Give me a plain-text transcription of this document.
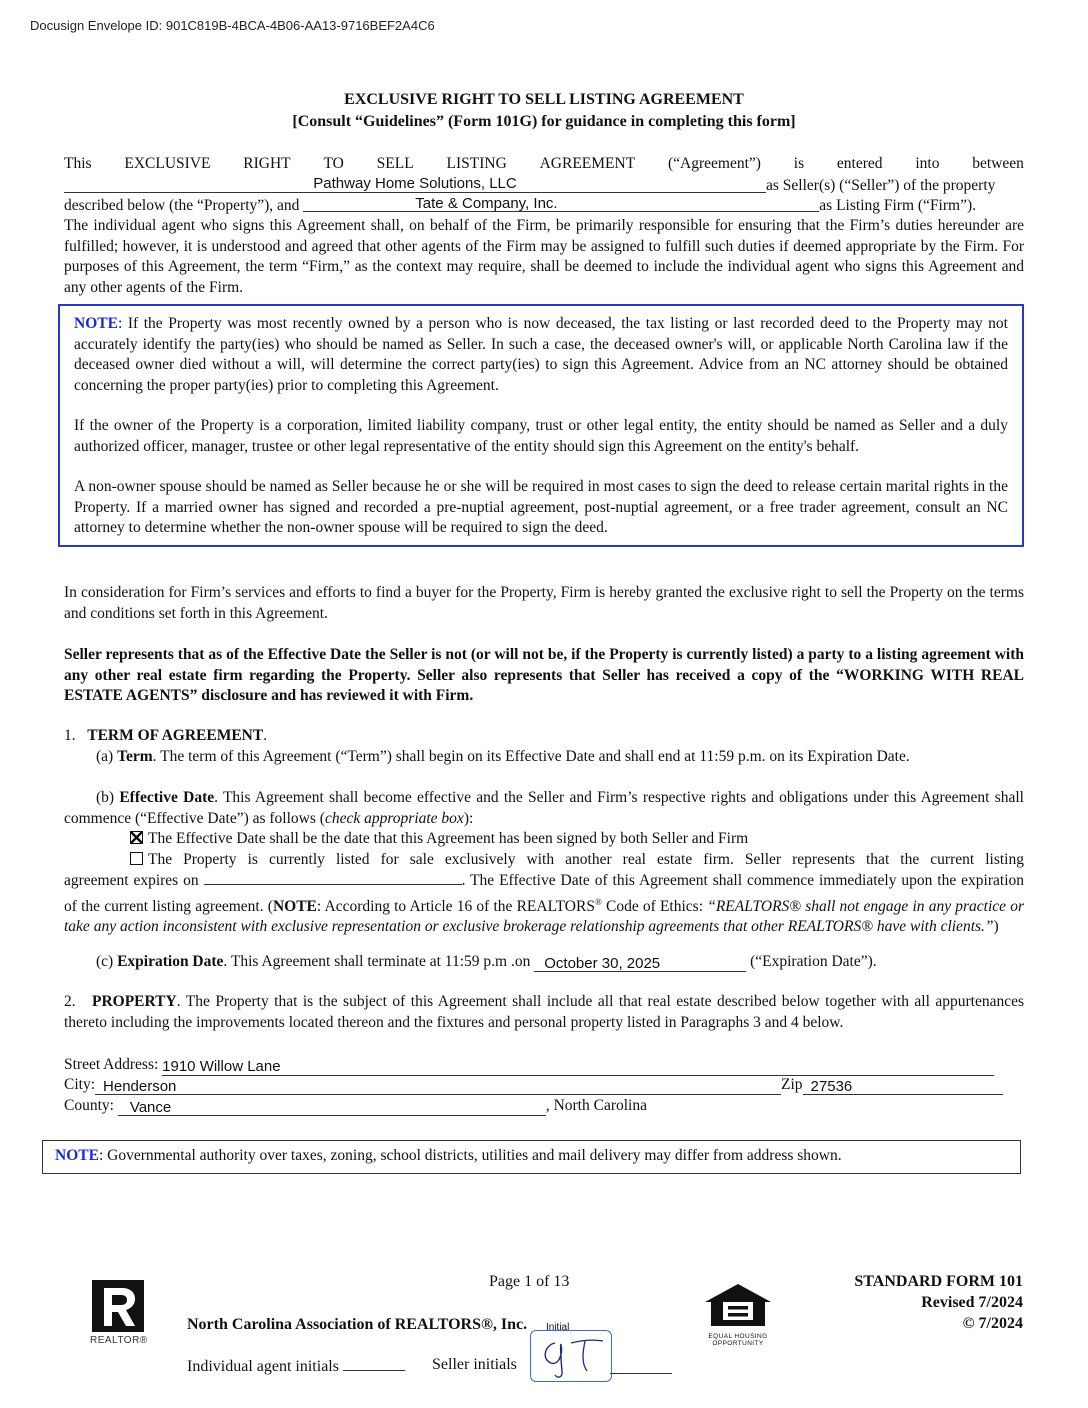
Docusign Envelope ID: 901C819B-4BCA-4B06-AA13-9716BEF2A4C6
EXCLUSIVE RIGHT TO SELL LISTING AGREEMENT
[Consult “Guidelines” (Form 101G) for guidance in completing this form]
This EXCLUSIVE RIGHT TO SELL LISTING AGREEMENT (“Agreement”) is entered into between
Pathway Home Solutions, LLC	as Seller(s) (“Seller”) of the property
described below (the “Property”), and	Tate & Company, Inc.	as Listing Firm (“Firm”).
The individual agent who signs this Agreement shall, on behalf of the Firm, be primarily responsible for ensuring that the Firm’s duties hereunder are fulfilled; however, it is understood and agreed that other agents of the Firm may be assigned to fulfill such duties if deemed appropriate by the Firm. For purposes of this Agreement, the term “Firm,” as the context may require, shall be deemed to include the individual agent who signs this Agreement and any other agents of the Firm.

NOTE: If the Property was most recently owned by a person who is now deceased, the tax listing or last recorded deed to the Property may not accurately identify the party(ies) who should be named as Seller. In such a case, the deceased owner's will, or applicable North Carolina law if the deceased owner died without a will, will determine the correct party(ies) to sign this Agreement. Advice from an NC attorney should be obtained concerning the proper party(ies) prior to completing this Agreement.

If the owner of the Property is a corporation, limited liability company, trust or other legal entity, the entity should be named as Seller and a duly authorized officer, manager, trustee or other legal representative of the entity should sign this Agreement on the entity's behalf.

A non-owner spouse should be named as Seller because he or she will be required in most cases to sign the deed to release certain marital rights in the Property. If a married owner has signed and recorded a pre-nuptial agreement, post-nuptial agreement, or a free trader agreement, consult an NC attorney to determine whether the non-owner spouse will be required to sign the deed.

In consideration for Firm’s services and efforts to find a buyer for the Property, Firm is hereby granted the exclusive right to sell the Property on the terms and conditions set forth in this Agreement.
Seller represents that as of the Effective Date the Seller is not (or will not be, if the Property is currently listed) a party to a listing agreement with any other real estate firm regarding the Property. Seller also represents that Seller has received a copy of the “WORKING WITH REAL ESTATE AGENTS” disclosure and has reviewed it with Firm.
1. TERM OF AGREEMENT.
(a) Term. The term of this Agreement (“Term”) shall begin on its Effective Date and shall end at 11:59 p.m. on its Expiration Date.
(b) Effective Date. This Agreement shall become effective and the Seller and Firm’s respective rights and obligations under this Agreement shall commence (“Effective Date”) as follows (check appropriate box):
The Effective Date shall be the date that this Agreement has been signed by both Seller and Firm
The Property is currently listed for sale exclusively with another real estate firm. Seller represents that the current listing
agreement expires on	. The Effective Date of this Agreement shall commence immediately upon the expiration of the current listing agreement. (NOTE: According to Article 16 of the REALTORS® Code of Ethics: “REALTORS® shall not engage in any practice or take any action inconsistent with exclusive representation or exclusive brokerage relationship agreements that other REALTORS® have with clients.”)
(c) Expiration Date. This Agreement shall terminate at 11:59 p.m .on October 30, 2025	(“Expiration Date”).
2. PROPERTY. The Property that is the subject of this Agreement shall include all that real estate described below together with all appurtenances thereto including the improvements located thereon and the fixtures and personal property listed in Paragraphs 3 and 4 below.
Street Address: 1910 Willow Lane
City: Henderson	Zip 27536
County: Vance	, North Carolina
NOTE: Governmental authority over taxes, zoning, school districts, utilities and mail delivery may differ from address shown.
REALTOR®
Page 1 of 13
North Carolina Association of REALTORS®, Inc. Initial
Individual agent initials	Seller initials
EQUAL HOUSING OPPORTUNITY
STANDARD FORM 101
Revised 7/2024
© 7/2024
